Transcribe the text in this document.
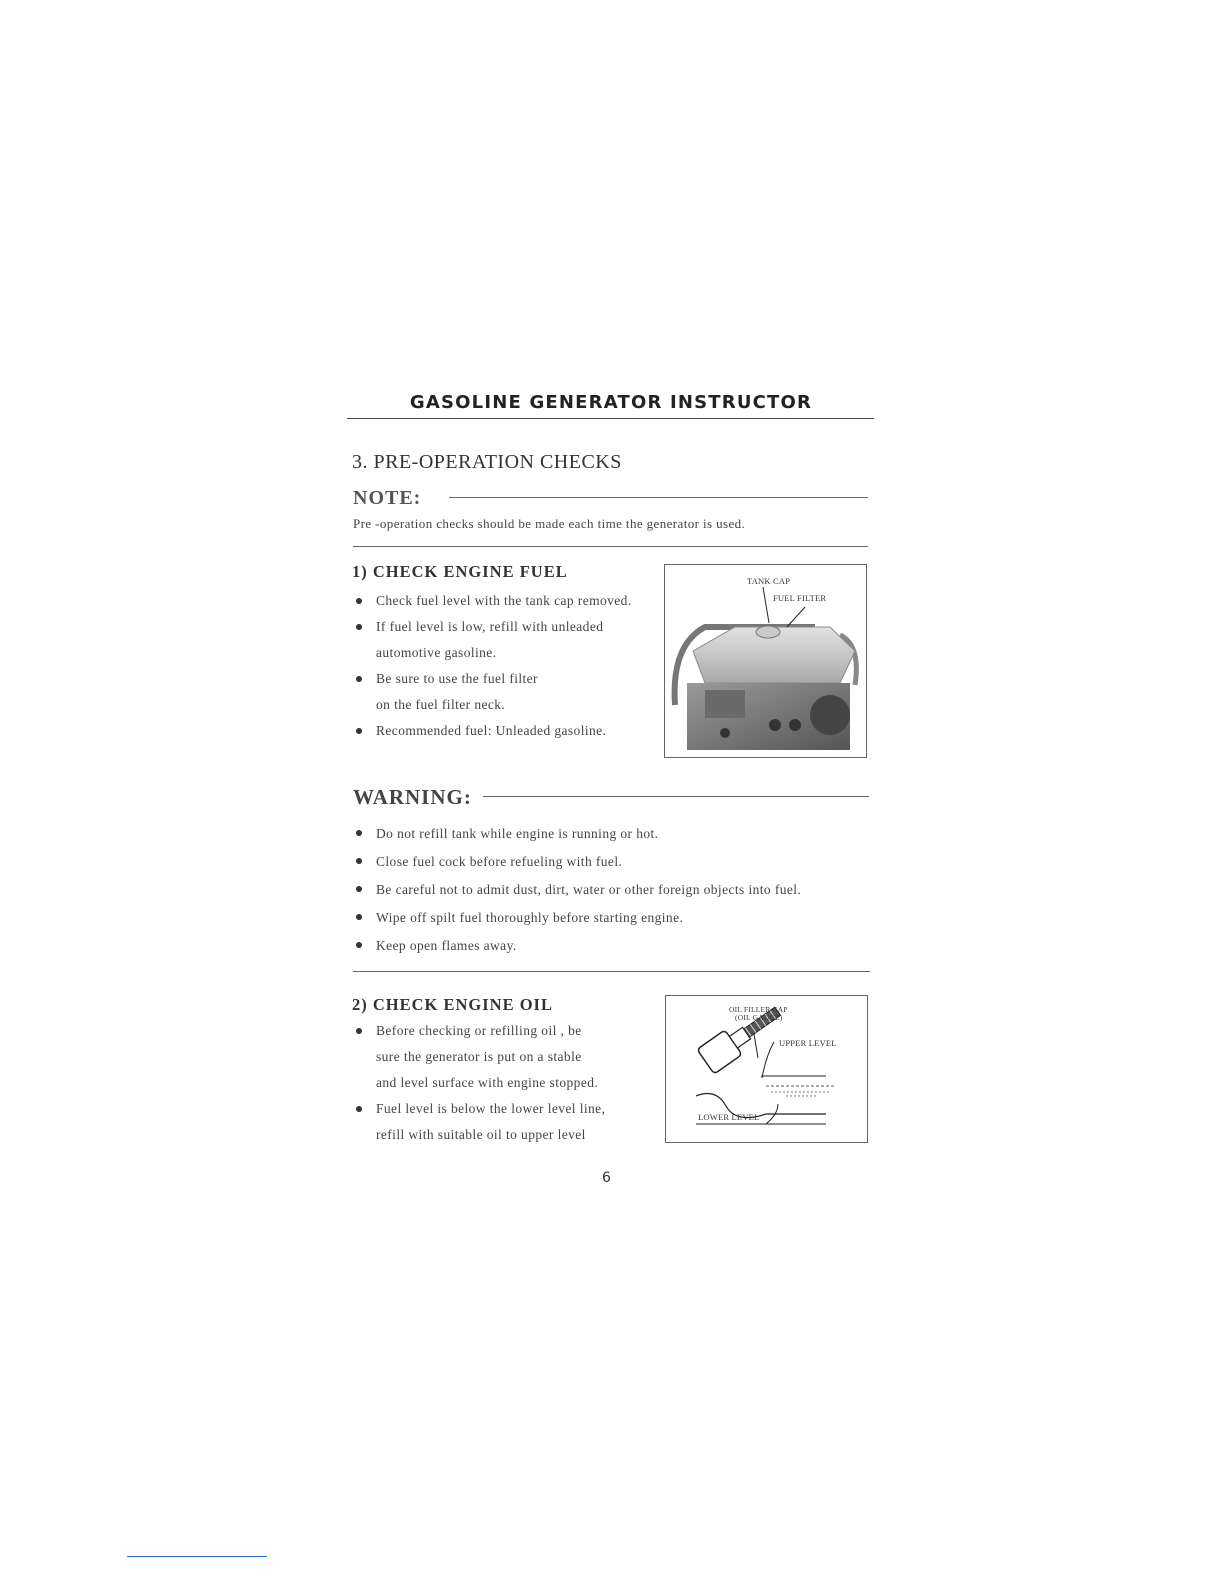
GASOLINE GENERATOR INSTRUCTOR
3. PRE-OPERATION CHECKS
NOTE:
Pre -operation checks should be made each time the generator is used.
1) CHECK ENGINE FUEL
Check fuel level with the tank cap removed.
If fuel level is low, refill with unleaded
automotive gasoline.
Be sure to use the fuel filter
on the fuel filter neck.
Recommended fuel: Unleaded gasoline.
TANK CAP
FUEL FILTER
WARNING:
Do not refill tank while engine is running or hot.
Close fuel cock before refueling with fuel.
Be careful not to admit dust, dirt, water or other foreign objects into fuel.
Wipe off spilt fuel thoroughly before starting engine.
Keep open flames away.
2) CHECK ENGINE OIL
Before checking or refilling oil , be
sure the generator is put on a stable
and level surface with engine stopped.
Fuel level is below the lower level line,
refill with suitable oil to upper level
OIL FILLER CAP
(OIL GAUGE)
UPPER LEVEL
LOWER LEVEL
6
